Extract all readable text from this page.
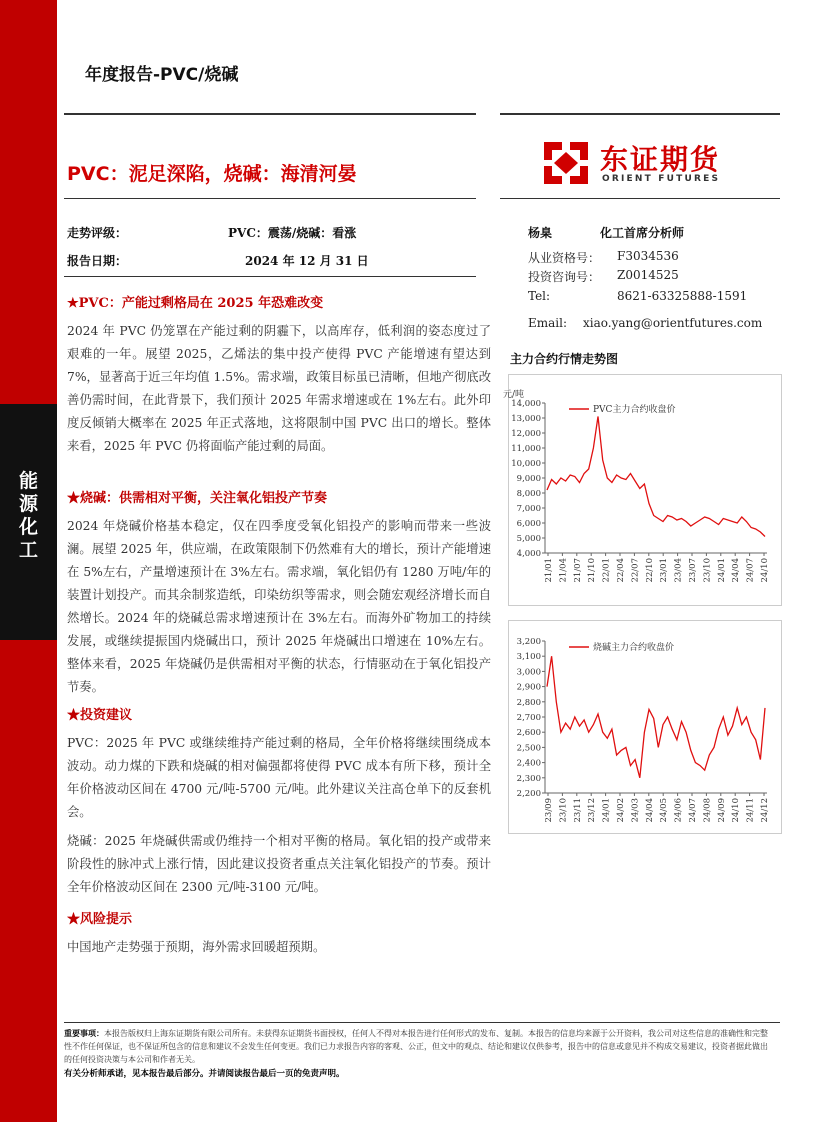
能
源
化
工
年度报告-PVC/烧碱
PVC：泥足深陷，烧碱：海清河晏	东证期货
ORIENT FUTURES
走势评级：	PVC：震荡/烧碱：看涨
报告日期：	2024 年 12 月 31 日
杨臬	化工首席分析师
从业资格号： F3034536
投资咨询号： Z0014525
Tel:	8621-63325888-1591
Email: xiao.yang@orientfutures.com
★PVC：产能过剩格局在 2025 年恐难改变
2024 年 PVC 仍笼罩在产能过剩的阴霾下，以高库存，低利润的姿态度过了艰难的一年。展望 2025，乙烯法的集中投产使得 PVC 产能增速有望达到 7%，显著高于近三年均值 1.5%。需求端，政策目标虽已清晰，但地产彻底改善仍需时间，在此背景下，我们预计 2025 年需求增速或在 1%左右。此外印度反倾销大概率在 2025 年正式落地，这将限制中国 PVC 出口的增长。整体来看，2025 年 PVC 仍将面临产能过剩的局面。
★烧碱：供需相对平衡，关注氧化铝投产节奏
2024 年烧碱价格基本稳定，仅在四季度受氧化铝投产的影响而带来一些波澜。展望 2025 年，供应端，在政策限制下仍然难有大的增长，预计产能增速在 5%左右，产量增速预计在 3%左右。需求端，氧化铝仍有 1280 万吨/年的装置计划投产。而其余制浆造纸，印染纺织等需求，则会随宏观经济增长而自然增长。2024 年的烧碱总需求增速预计在 3%左右。而海外矿物加工的持续发展，或继续提振国内烧碱出口，预计 2025 年烧碱出口增速在 10%左右。整体来看，2025 年烧碱仍是供需相对平衡的状态，行情驱动在于氧化铝投产节奏。
★投资建议
PVC：2025 年 PVC 或继续维持产能过剩的格局，全年价格将继续围绕成本波动。动力煤的下跌和烧碱的相对偏强都将使得 PVC 成本有所下移，预计全年价格波动区间在 4700 元/吨-5700 元/吨。此外建议关注高仓单下的反套机会。
烧碱：2025 年烧碱供需或仍维持一个相对平衡的格局。氧化铝的投产或带来阶段性的脉冲式上涨行情，因此建议投资者重点关注氧化铝投产的节奏。预计全年价格波动区间在 2300 元/吨-3100 元/吨。
★风险提示
中国地产走势强于预期，海外需求回暖超预期。
主力合约行情走势图
元/吨
14,000
13,000
12,000
11,000
10,000
9,000
8,000
7,000
6,000
5,000
4,000
21/01 21/04 21/07 21/10 22/01 22/04 22/07 22/10 23/01 23/04 23/07 23/10 24/01 24/04 24/07 24/10
PVC主力合约收盘价
3,200
3,100
3,000
2,900
2,800
2,700
2,600
2,500
2,400
2,300
2,200
23/09 23/10 23/11 23/12 24/01 24/02 24/03 24/04 24/05 24/06 24/07 24/08 24/09 24/10 24/11 24/12
烧碱主力合约收盘价
重要事项：本报告版权归上海东证期货有限公司所有。未获得东证期货书面授权，任何人不得对本报告进行任何形式的发布、复制。本报告的信息均来源于公开资料，我公司对这些信息的准确性和完整性不作任何保证，也不保证所包含的信息和建议不会发生任何变更。我们已力求报告内容的客观、公正，但文中的观点、结论和建议仅供参考，报告中的信息或意见并不构成交易建议，投资者据此做出的任何投资决策与本公司和作者无关。
有关分析师承诺，见本报告最后部分。并请阅读报告最后一页的免责声明。
